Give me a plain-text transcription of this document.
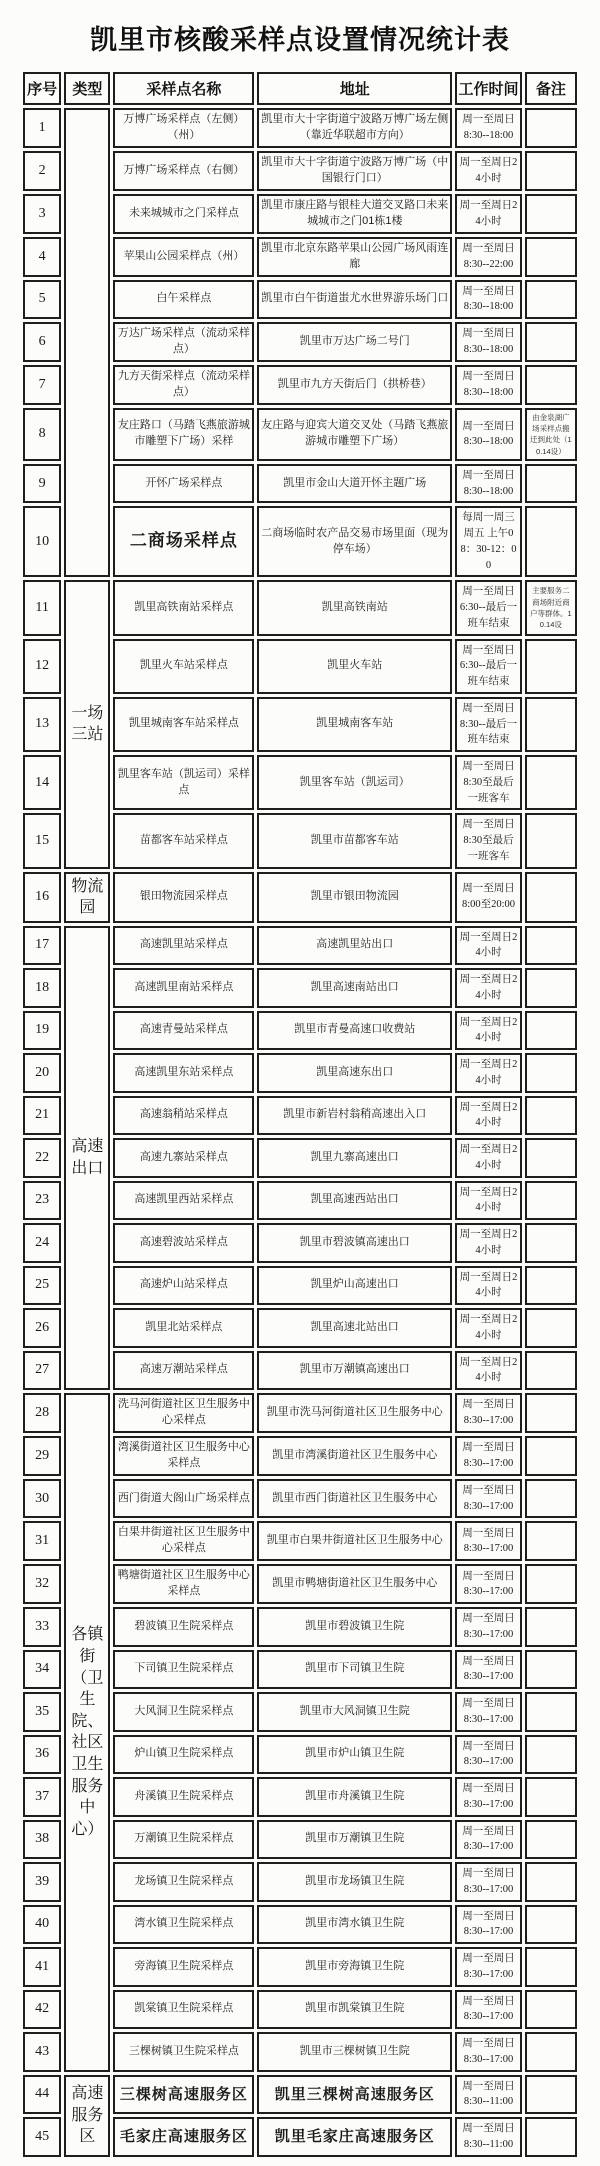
凯里市核酸采样点设置情况统计表
序号	类型	采样点名称	地址	工作时间	备注
1		万博广场采样点（左侧）（州）	凯里市大十字街道宁波路万博广场左侧（靠近华联超市方向）	周一至周日 8:30--18:00	
2		万博广场采样点（右侧）	凯里市大十字街道宁波路万博广场（中国银行门口）	周一至周日24小时	
3		未来城城市之门采样点	凯里市康庄路与银桂大道交叉路口未来城城市之门01栋1楼	周一至周日24小时	
4		苹果山公园采样点（州）	凯里市北京东路苹果山公园广场风雨连廊	周一至周日 8:30--22:00	
5		白午采样点	凯里市白午街道蚩尤水世界游乐场门口	周一至周日 8:30--18:00	
6		万达广场采样点（流动采样点）	凯里市万达广场二号门	周一至周日 8:30--18:00	
7		九方天街采样点（流动采样点）	凯里市九方天街后门（拱桥巷）	周一至周日 8:30--18:00	
8		友庄路口（马踏飞燕旅游城市雕塑下广场）采样	友庄路与迎宾大道交叉处（马踏飞燕旅游城市雕塑下广场）	周一至周日 8:30--18:00	由金泉湖广场采样点搬迁到此处（10.14设）
9		开怀广场采样点	凯里市金山大道开怀主题广场	周一至周日 8:30--18:00	
10		二商场采样点	二商场临时农产品交易市场里面（现为停车场）	每周一周三周五 上午08：30-12：00	
11	一场三站	凯里高铁南站采样点	凯里高铁南站	周一至周日 6:30--最后一班车结束	主要服务二商场附近商户等群体。10.14设
12		凯里火车站采样点	凯里火车站	周一至周日 6:30--最后一班车结束	
13		凯里城南客车站采样点	凯里城南客车站	周一至周日8:30--最后一班车结束	
14		凯里客车站（凯运司）采样点	凯里客车站（凯运司）	周一至周日8:30至最后一班客车	
15		苗都客车站采样点	凯里市苗都客车站	周一至周日8:30至最后一班客车	
16	物流园	银田物流园采样点	凯里市银田物流园	周一至周日8:00至20:00	
17	高速出口	高速凯里站采样点	高速凯里站出口	周一至周日24小时	
18		高速凯里南站采样点	凯里高速南站出口	周一至周日24小时	
19		高速青曼站采样点	凯里市青曼高速口收费站	周一至周日24小时	
20		高速凯里东站采样点	凯里高速东出口	周一至周日24小时	
21		高速翁稍站采样点	凯里市新岩村翁稍高速出入口	周一至周日24小时	
22		高速九寨站采样点	凯里九寨高速出口	周一至周日24小时	
23		高速凯里西站采样点	凯里高速西站出口	周一至周日24小时	
24		高速碧波站采样点	凯里市碧波镇高速出口	周一至周日24小时	
25		高速炉山站采样点	凯里炉山高速出口	周一至周日24小时	
26		凯里北站采样点	凯里高速北站出口	周一至周日24小时	
27		高速万潮站采样点	凯里市万潮镇高速出口	周一至周日24小时	
28	各镇街（卫生院、社区卫生服务中心）	洗马河街道社区卫生服务中心采样点	凯里市洗马河街道社区卫生服务中心	周一至周日 8:30--17:00	
29		湾溪街道社区卫生服务中心采样点	凯里市湾溪街道社区卫生服务中心	周一至周日 8:30--17:00	
30		西门街道大阁山广场采样点	凯里市西门街道社区卫生服务中心	周一至周日 8:30--17:00	
31		白果井街道社区卫生服务中心采样点	凯里市白果井街道社区卫生服务中心	周一至周日 8:30--17:00	
32		鸭塘街道社区卫生服务中心采样点	凯里市鸭塘街道社区卫生服务中心	周一至周日 8:30--17:00	
33		碧波镇卫生院采样点	凯里市碧波镇卫生院	周一至周日 8:30--17:00	
34		下司镇卫生院采样点	凯里市下司镇卫生院	周一至周日 8:30--17:00	
35		大风洞卫生院采样点	凯里市大风洞镇卫生院	周一至周日 8:30--17:00	
36		炉山镇卫生院采样点	凯里市炉山镇卫生院	周一至周日 8:30--17:00	
37		舟溪镇卫生院采样点	凯里市舟溪镇卫生院	周一至周日 8:30--17:00	
38		万潮镇卫生院采样点	凯里市万潮镇卫生院	周一至周日 8:30--17:00	
39		龙场镇卫生院采样点	凯里市龙场镇卫生院	周一至周日 8:30--17:00	
40		湾水镇卫生院采样点	凯里市湾水镇卫生院	周一至周日 8:30--17:00	
41		旁海镇卫生院采样点	凯里市旁海镇卫生院	周一至周日 8:30--17:00	
42		凯棠镇卫生院采样点	凯里市凯棠镇卫生院	周一至周日 8:30--17:00	
43		三棵树镇卫生院采样点	凯里市三棵树镇卫生院	周一至周日 8:30--17:00	
44	高速服务区	三棵树高速服务区	凯里三棵树高速服务区	周一至周日 8:30--11:00	
45		毛家庄高速服务区	凯里毛家庄高速服务区	周一至周日 8:30--11:00	
